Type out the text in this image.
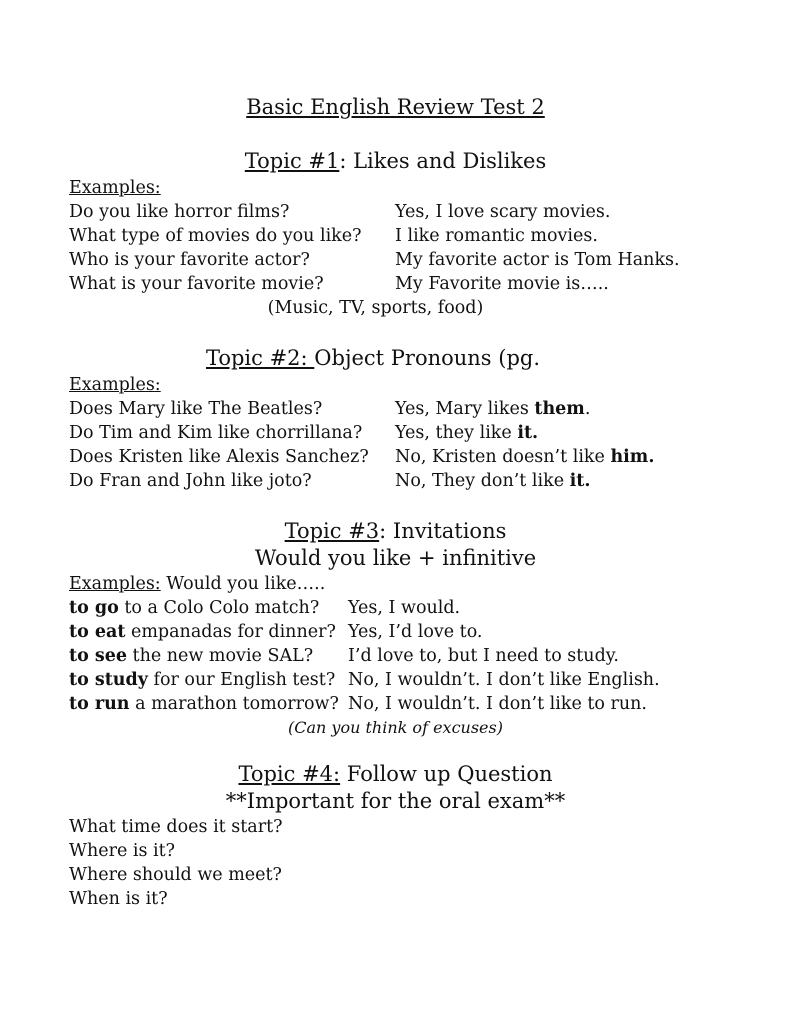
Basic English Review Test 2
Topic #1: Likes and Dislikes
Examples:
Do you like horror films?	Yes, I love scary movies.
What type of movies do you like? I like romantic movies.
Who is your favorite actor?	My favorite actor is Tom Hanks.
What is your favorite movie?	My Favorite movie is…..
(Music, TV, sports, food)
Topic #2: Object Pronouns (pg.
Examples:
Does Mary like The Beatles?	Yes, Mary likes them.
Do Tim and Kim like chorrillana? Yes, they like it.
Does Kristen like Alexis Sanchez? No, Kristen doesn’t like him.
Do Fran and John like joto?	No, They don’t like it.
Topic #3: Invitations
Would you like + infinitive
Examples: Would you like…..
to go to a Colo Colo match? Yes, I would.
to eat empanadas for dinner? Yes, I’d love to.
to see the new movie SAL? I’d love to, but I need to study.
to study for our English test? No, I wouldn’t. I don’t like English.
to run a marathon tomorrow? No, I wouldn’t. I don’t like to run.
(Can you think of excuses)
Topic #4: Follow up Question
**Important for the oral exam**
What time does it start?
Where is it?
Where should we meet?
When is it?
